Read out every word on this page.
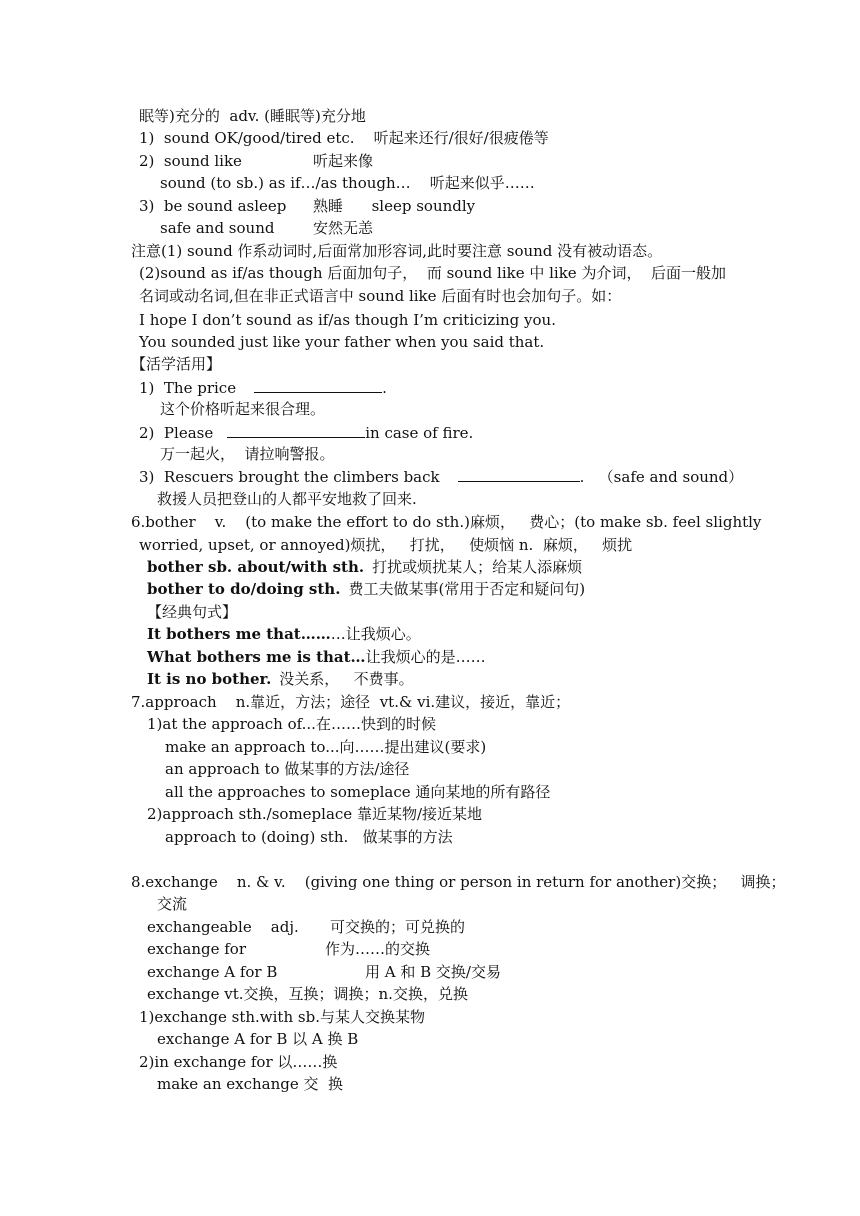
眠等)充分的  adv. (睡眠等)充分地
1)  sound OK/good/tired etc.    听起来还行/很好/很疲倦等
2)  sound like	听起来像
sound (to sb.) as if…/as though…    听起来似乎……
3)  be sound asleep 熟睡      sleep soundly
safe and sound	安然无恙
注意(1) sound 作系动词时,后面常加形容词,此时要注意 sound 没有被动语态。
(2)sound as if/as though 后面加句子，  而 sound like 中 like 为介词，  后面一般加
名词或动名词,但在非正式语言中 sound like 后面有时也会加句子。如：
I hope I don’t sound as if/as though I’m criticizing you.
You sounded just like your father when you said that.
【活学活用】
1)  The price	.
这个价格听起来很合理。
2)  Please	in case of fire.
万一起火，  请拉响警报。
3)  Rescuers brought the climbers back	.   （safe and sound）
救援人员把登山的人都平安地救了回来.
6.bother    v.    (to make the effort to do sth.)麻烦，   费心；(to make sb. feel slightly
worried, upset, or annoyed)烦扰，   打扰，   使烦恼 n.  麻烦，   烦扰
bother sb. about/with sth. 打扰或烦扰某人；给某人添麻烦
bother to do/doing sth. 费工夫做某事(常用于否定和疑问句)
【经典句式】
It bothers me that………让我烦心。
What bothers me is that…让我烦心的是……
It is no bother. 没关系，   不费事。
7.approach    n.靠近，方法；途径  vt.& vi.建议，接近，靠近；
1)at the approach of...在……快到的时候
make an approach to...向……提出建议(要求)
an approach to 做某事的方法/途径
all the approaches to someplace 通向某地的所有路径
2)approach sth./someplace 靠近某物/接近某地
approach to (doing) sth.   做某事的方法
8.exchange    n. & v.    (giving one thing or person in return for another)交换；   调换；
交流
exchangeable    adj. 可交换的；可兑换的
exchange for	作为……的交换
exchange A for B	用 A 和 B 交换/交易
exchange vt.交换，互换；调换；n.交换，兑换
1)exchange sth.with sb.与某人交换某物
exchange A for B 以 A 换 B
2)in exchange for 以……换
make an exchange 交  换
